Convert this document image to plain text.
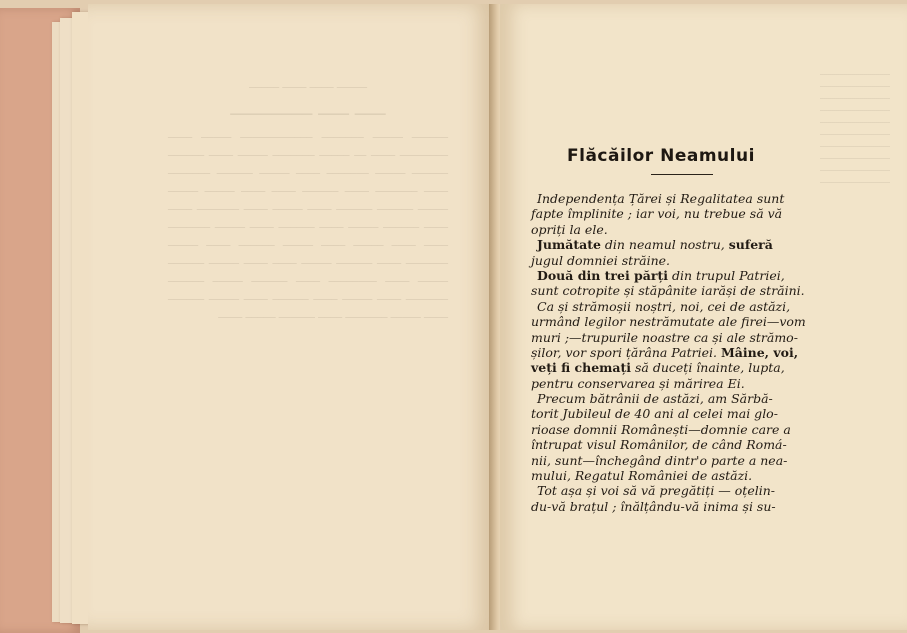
───── ──── ──── ─────
─── ─── ────────
────── ───── ─────── ──────────── ───── ──── ──────── ──── ── ───── ─────── ───── ──── ────── ────── ───── ─────── ──── ───── ────── ─────── ──── ─────── ──── ────── ──── ──── ───── ───── ───── ────── ────── ──── ───── ──── ─────── ──── ──── ────── ───── ──── ────── ──── ───── ─────── ──── ──── ───── ──── ───── ────── ──── ───── ─────── ──── ────── ───── ──── ──── ───── ────── ───── ──── ──────── ──── ────── ───── ────── ─────── ──── ───── ──── ────── ──── ───── ────── ──── ───── ─────── ──── ────── ───── ────
Flăcăilor Neamului
Independența Țărei și Regalitatea sunt
fapte împlinite ; iar voi, nu trebue să vă
opriți la ele.
Jumătate din neamul nostru, suferă
jugul domniei străine.
Două din trei părți din trupul Patriei,
sunt cotropite și stăpânite iarăși de străini.
Ca și strămoșii noștri, noi, cei de astăzi,
urmând legilor nestrămutate ale firei—vom
muri ;—trupurile noastre ca și ale strămo-
șilor, vor spori țărâna Patriei. Mâine, voi,
veți fi chemați să duceți înainte, lupta,
pentru conservarea și mărirea Ei.
Precum bătrânii de astăzi, am Sărbă-
torit Jubileul de 40 ani al celei mai glo-
rioase domnii Românești—domnie care a
întrupat visul Românilor, de când Romá-
nii, sunt—închegând dintr'o parte a nea-
mului, Regatul României de astăzi.
Tot așa și voi să vă pregătiți — oțelin-
du-vă brațul ; înălțându-vă inima și su-
